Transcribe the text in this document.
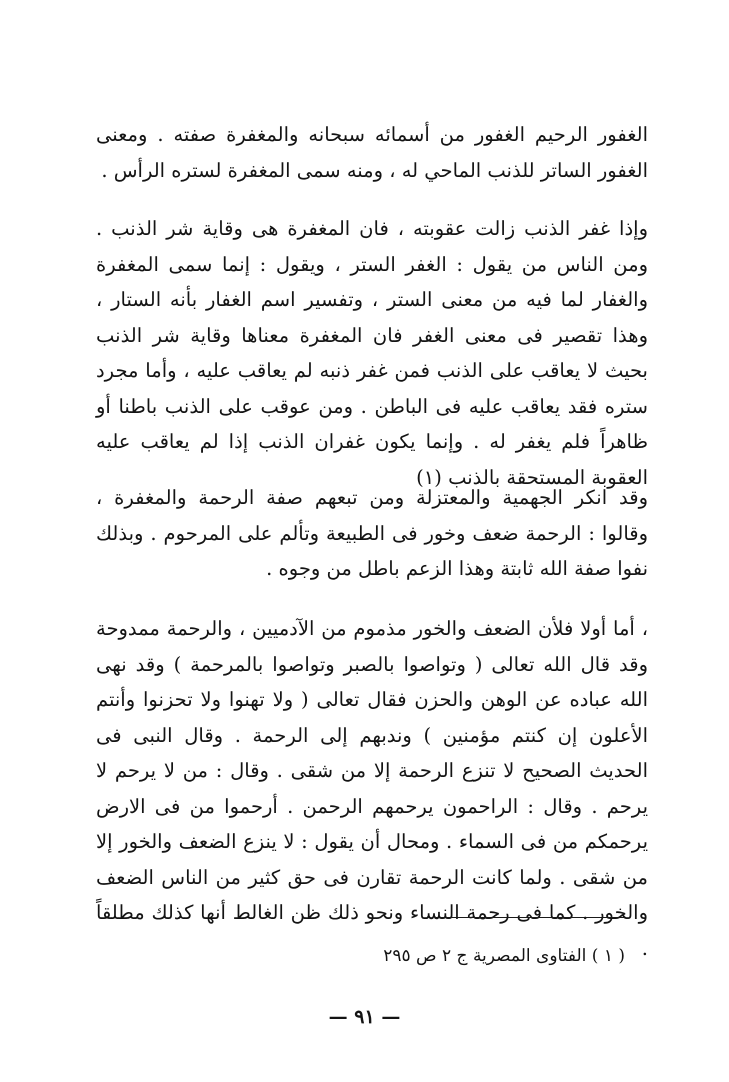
الغفور الرحيم الغفور من أسمائه سبحانه والمغفرة صفته . ومعنى الغفور الساتر للذنب الماحي له ، ومنه سمى المغفرة لستره الرأس .

وإذا غفر الذنب زالت عقوبته ، فان المغفرة هى وقاية شر الذنب . ومن الناس من يقول : الغفر الستر ، ويقول : إنما سمى المغفرة والغفار لما فيه من معنى الستر ، وتفسير اسم الغفار بأنه الستار ، وهذا تقصير فى معنى الغفر فان المغفرة معناها وقاية شر الذنب بحيث لا يعاقب على الذنب فمن غفر ذنبه لم يعاقب عليه ، وأما مجرد ستره فقد يعاقب عليه فى الباطن . ومن عوقب على الذنب باطنا أو ظاهراً فلم يغفر له . وإنما يكون غفران الذنب إذا لم يعاقب عليه العقوبة المستحقة بالذنب (١)

وقد انكر الجهمية والمعتزلة ومن تبعهم صفة الرحمة والمغفرة ، وقالوا : الرحمة ضعف وخور فى الطبيعة وتألم على المرحوم . وبذلك نفوا صفة الله ثابتة وهذا الزعم باطل من وجوه .

، أما أولا فلأن الضعف والخور مذموم من الآدميين ، والرحمة ممدوحة وقد قال الله تعالى ( وتواصوا بالصبر وتواصوا بالمرحمة ) وقد نهى الله عباده عن الوهن والحزن فقال تعالى ( ولا تهنوا ولا تحزنوا وأنتم الأعلون إن كنتم مؤمنين ) وندبهم إلى الرحمة . وقال النبى فى الحديث الصحيح لا تنزع الرحمة إلا من شقى . وقال : من لا يرحم لا يرحم . وقال : الراحمون يرحمهم الرحمن . أرحموا من فى الارض يرحمكم من فى السماء . ومحال أن يقول : لا ينزع الضعف والخور إلا من شقى . ولما كانت الرحمة تقارن فى حق كثير من الناس الضعف والخور . كما فى رحمة النساء ونحو ذلك ظن الغالط أنها كذلك مطلقاً .

( ١ ) الفتاوى المصرية ج ٢ ص ٢٩٥
— ٩١ —
